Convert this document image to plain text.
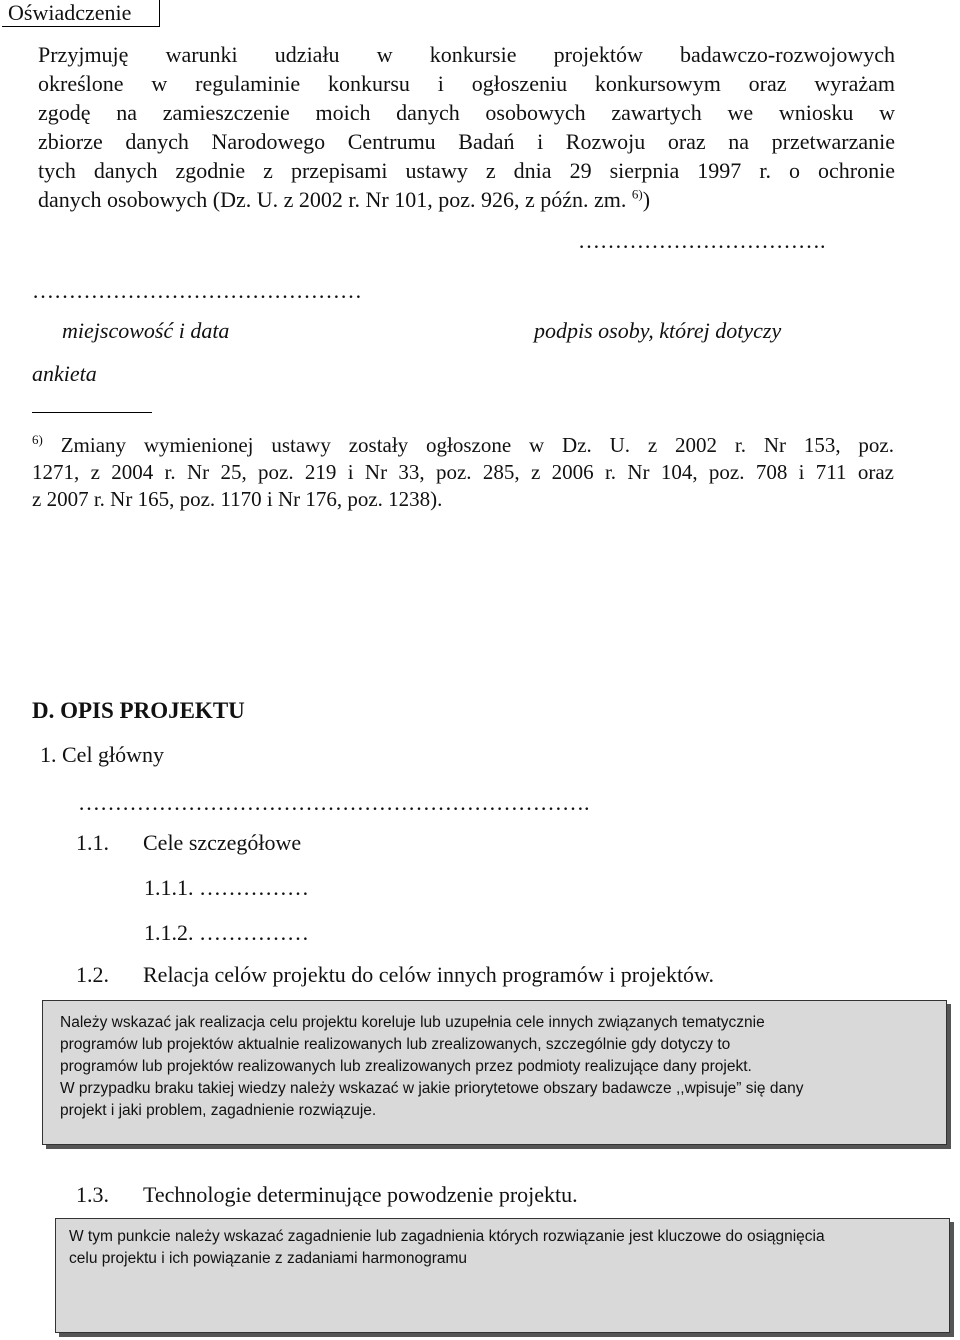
Oświadczenie
Przyjmuję warunki udziału w konkursie projektów badawczo-rozwojowych
określone w regulaminie konkursu i ogłoszeniu konkursowym oraz wyrażam
zgodę na zamieszczenie moich danych osobowych zawartych we wniosku w
zbiorze danych Narodowego Centrumu Badań i Rozwoju oraz na przetwarzanie
tych danych zgodnie z przepisami ustawy z dnia 29 sierpnia 1997 r. o ochronie
danych osobowych (Dz. U. z 2002 r. Nr 101, poz. 926, z późn. zm. $^{6)}$)
…………………………….
………………………………………
miejscowość i data	podpis osoby, której dotyczy
ankieta
$^{6)}$ Zmiany wymienionej ustawy zostały ogłoszone w Dz. U. z 2002 r. Nr 153, poz.
1271, z 2004 r. Nr 25, poz. 219 i Nr 33, poz. 285, z 2006 r. Nr 104, poz. 708 i 711 oraz
z 2007 r. Nr 165, poz. 1170 i Nr 176, poz. 1238).
D. OPIS PROJEKTU
1. Cel główny
…………………………………………………………….
1.1. Cele szczegółowe
1.1.1. ……………
1.1.2. ……………
1.2. Relacja celów projektu do celów innych programów i projektów.
Należy wskazać jak realizacja celu projektu koreluje lub uzupełnia cele innych związanych tematycznie
programów lub projektów aktualnie realizowanych lub zrealizowanych, szczególnie gdy dotyczy to
programów lub projektów realizowanych lub zrealizowanych przez podmioty realizujące dany projekt.
W przypadku braku takiej wiedzy należy wskazać w jakie priorytetowe obszary badawcze ,,wpisuje” się dany
projekt i jaki problem, zagadnienie rozwiązuje.
1.3. Technologie determinujące powodzenie projektu.
W tym punkcie należy wskazać zagadnienie lub zagadnienia których rozwiązanie jest kluczowe do osiągnięcia
celu projektu i ich powiązanie z zadaniami harmonogramu
